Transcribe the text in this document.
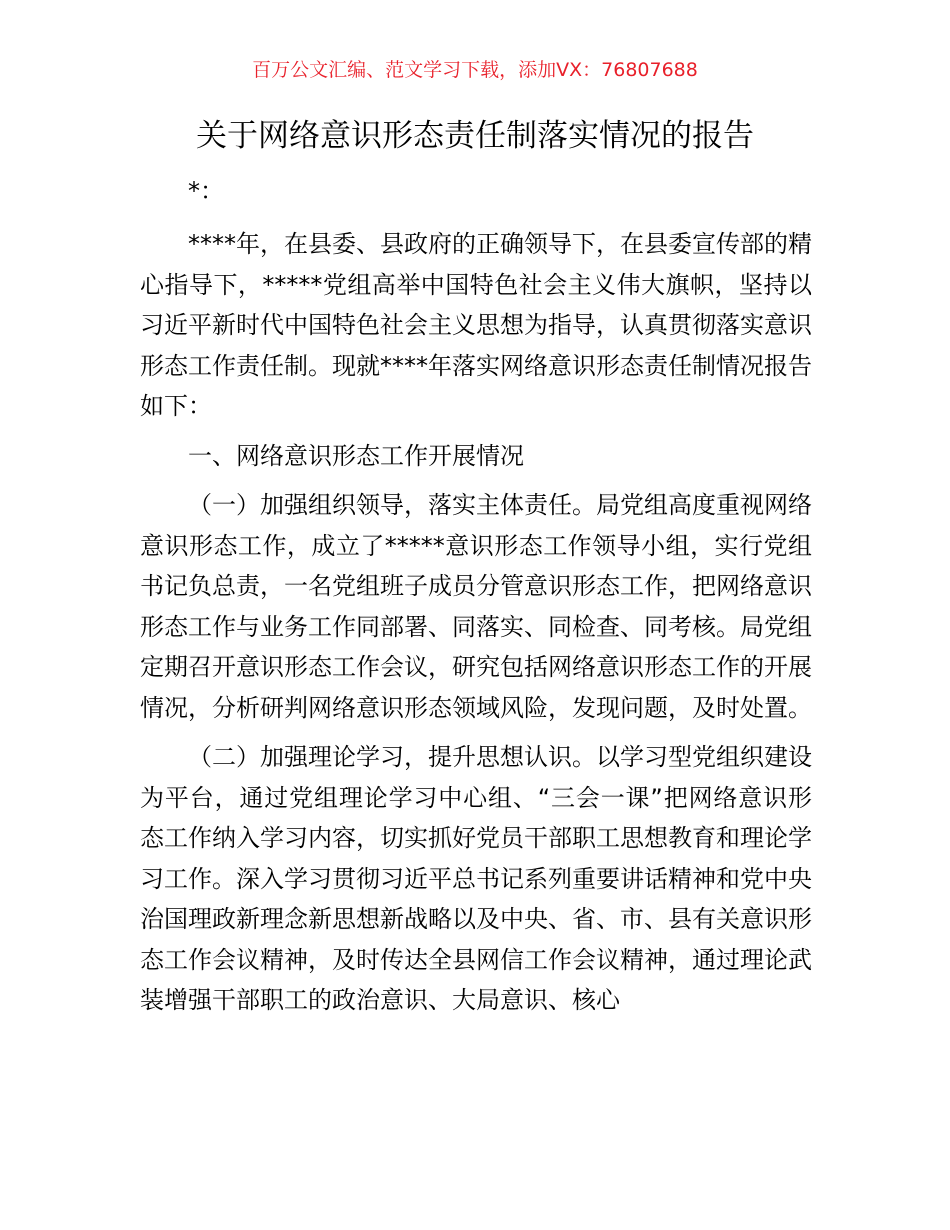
百万公文汇编、范文学习下载，添加VX：76807688
关于网络意识形态责任制落实情况的报告
*：

****年，在县委、县政府的正确领导下，在县委宣传部的精心指导下，*****党组高举中国特色社会主义伟大旗帜，坚持以习近平新时代中国特色社会主义思想为指导，认真贯彻落实意识形态工作责任制。现就****年落实网络意识形态责任制情况报告如下：

一、网络意识形态工作开展情况

（一）加强组织领导，落实主体责任。局党组高度重视网络意识形态工作，成立了*****意识形态工作领导小组，实行党组书记负总责，一名党组班子成员分管意识形态工作，把网络意识形态工作与业务工作同部署、同落实、同检查、同考核。局党组定期召开意识形态工作会议，研究包括网络意识形态工作的开展情况，分析研判网络意识形态领域风险，发现问题，及时处置。

（二）加强理论学习，提升思想认识。以学习型党组织建设为平台，通过党组理论学习中心组、“三会一课”把网络意识形态工作纳入学习内容，切实抓好党员干部职工思想教育和理论学习工作。深入学习贯彻习近平总书记系列重要讲话精神和党中央治国理政新理念新思想新战略以及中央、省、市、县有关意识形态工作会议精神，及时传达全县网信工作会议精神，通过理论武装增强干部职工的政治意识、大局意识、核心
